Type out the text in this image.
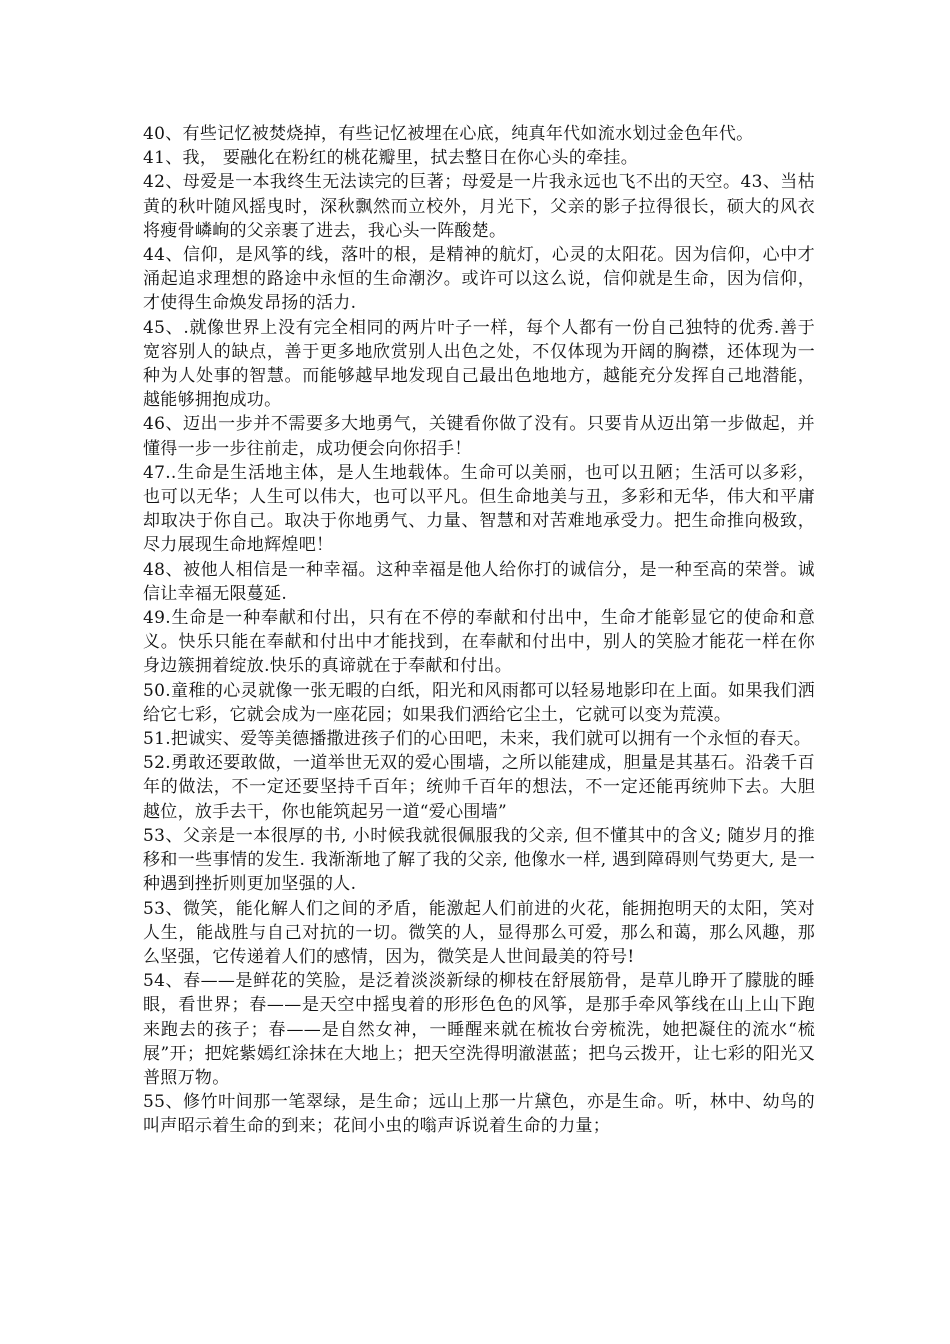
40、有些记忆被焚烧掉，有些记忆被埋在心底，纯真年代如流水划过金色年代。

41、我， 要融化在粉红的桃花瓣里，拭去整日在你心头的牵挂。

42、母爱是一本我终生无法读完的巨著；母爱是一片我永远也飞不出的天空。43、当枯黄的秋叶随风摇曳时，深秋飘然而立校外，月光下，父亲的影子拉得很长，硕大的风衣将瘦骨嶙峋的父亲裹了进去，我心头一阵酸楚。

44、信仰，是风筝的线，落叶的根，是精神的航灯，心灵的太阳花。因为信仰，心中才涌起追求理想的路途中永恒的生命潮汐。或许可以这么说，信仰就是生命，因为信仰，才使得生命焕发昂扬的活力.

45、.就像世界上没有完全相同的两片叶子一样，每个人都有一份自己独特的优秀.善于宽容别人的缺点，善于更多地欣赏别人出色之处，不仅体现为开阔的胸襟，还体现为一种为人处事的智慧。而能够越早地发现自己最出色地地方，越能充分发挥自己地潜能，越能够拥抱成功。

46、迈出一步并不需要多大地勇气，关键看你做了没有。只要肯从迈出第一步做起，并懂得一步一步往前走，成功便会向你招手！

47..生命是生活地主体，是人生地载体。生命可以美丽，也可以丑陋；生活可以多彩，也可以无华；人生可以伟大，也可以平凡。但生命地美与丑，多彩和无华，伟大和平庸却取决于你自己。取决于你地勇气、力量、智慧和对苦难地承受力。把生命推向极致，尽力展现生命地辉煌吧！

48、被他人相信是一种幸福。这种幸福是他人给你打的诚信分，是一种至高的荣誉。诚信让幸福无限蔓延.

49.生命是一种奉献和付出，只有在不停的奉献和付出中，生命才能彰显它的使命和意义。快乐只能在奉献和付出中才能找到，在奉献和付出中，别人的笑脸才能花一样在你身边簇拥着绽放.快乐的真谛就在于奉献和付出。

50.童稚的心灵就像一张无暇的白纸，阳光和风雨都可以轻易地影印在上面。如果我们洒给它七彩，它就会成为一座花园；如果我们洒给它尘土，它就可以变为荒漠。

51.把诚实、爱等美德播撒进孩子们的心田吧，未来，我们就可以拥有一个永恒的春天。

52.勇敢还要敢做，一道举世无双的爱心围墙，之所以能建成，胆量是其基石。沿袭千百年的做法，不一定还要坚持千百年；统帅千百年的想法，不一定还能再统帅下去。大胆越位，放手去干，你也能筑起另一道“爱心围墙”

53、父亲是一本很厚的书, 小时候我就很佩服我的父亲, 但不懂其中的含义; 随岁月的推移和一些事情的发生. 我渐渐地了解了我的父亲, 他像水一样, 遇到障碍则气势更大, 是一种遇到挫折则更加坚强的人.

53、微笑，能化解人们之间的矛盾，能激起人们前进的火花，能拥抱明天的太阳，笑对人生，能战胜与自己对抗的一切。微笑的人，显得那么可爱，那么和蔼，那么风趣，那么坚强，它传递着人们的感情，因为，微笑是人世间最美的符号!

54、春——是鲜花的笑脸，是泛着淡淡新绿的柳枝在舒展筋骨，是草儿睁开了朦胧的睡眼，看世界；春——是天空中摇曳着的形形色色的风筝，是那手牵风筝线在山上山下跑来跑去的孩子；春——是自然女神，一睡醒来就在梳妆台旁梳洗，她把凝住的流水“梳展”开；把姹紫嫣红涂抹在大地上；把天空洗得明澈湛蓝；把乌云拨开，让七彩的阳光又普照万物。

55、修竹叶间那一笔翠绿，是生命；远山上那一片黛色，亦是生命。听，林中、幼鸟的叫声昭示着生命的到来；花间小虫的嗡声诉说着生命的力量；
